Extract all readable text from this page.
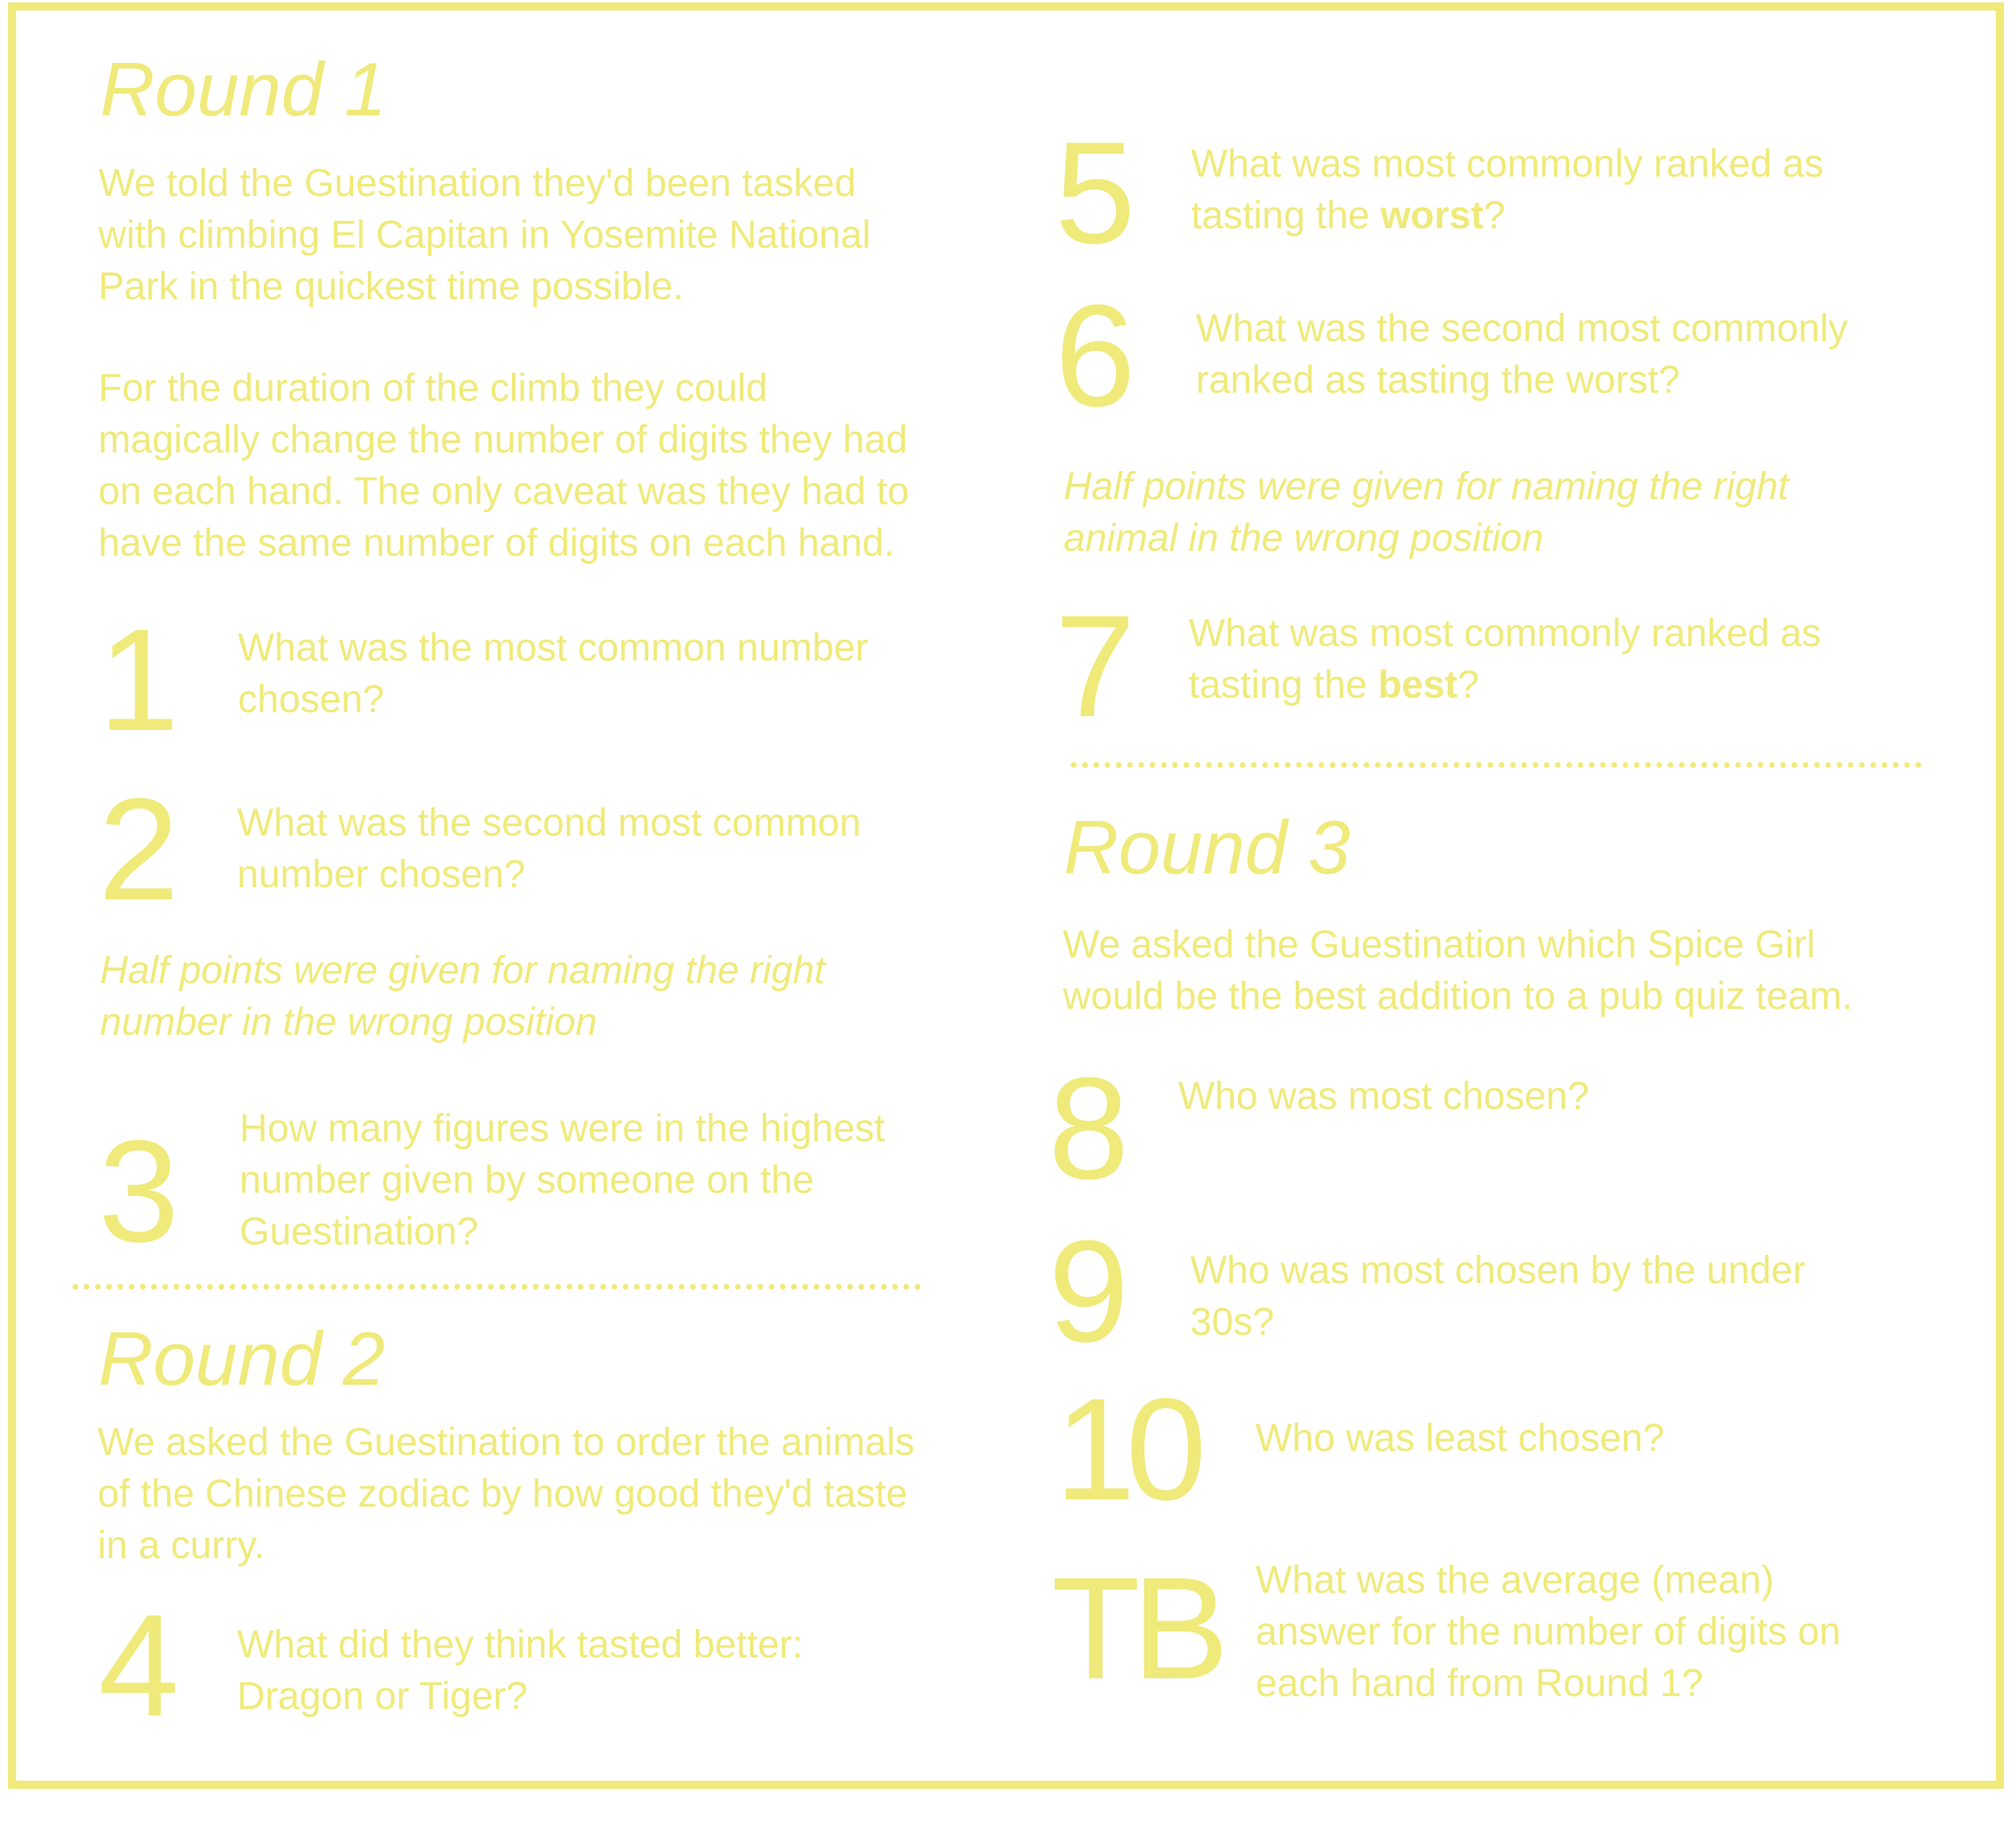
Round 1
We told the Guestination they'd been tasked
with climbing El Capitan in Yosemite National
Park in the quickest time possible.
For the duration of the climb they could
magically change the number of digits they had
on each hand. The only caveat was they had to
have the same number of digits on each hand.
1 What was the most common number
chosen?
2 What was the second most common
number chosen?
Half points were given for naming the right
number in the wrong position
3 How many figures were in the highest
number given by someone on the
Guestination?
Round 2
We asked the Guestination to order the animals
of the Chinese zodiac by how good they'd taste
in a curry.
4 What did they think tasted better:
Dragon or Tiger?
5 What was most commonly ranked as
tasting the worst?
6 What was the second most commonly
ranked as tasting the worst?
Half points were given for naming the right
animal in the wrong position
7 What was most commonly ranked as
tasting the best?
Round 3
We asked the Guestination which Spice Girl
would be the best addition to a pub quiz team.
8 Who was most chosen?
9 Who was most chosen by the under
30s?
10 Who was least chosen?
TB What was the average (mean)
answer for the number of digits on
each hand from Round 1?
